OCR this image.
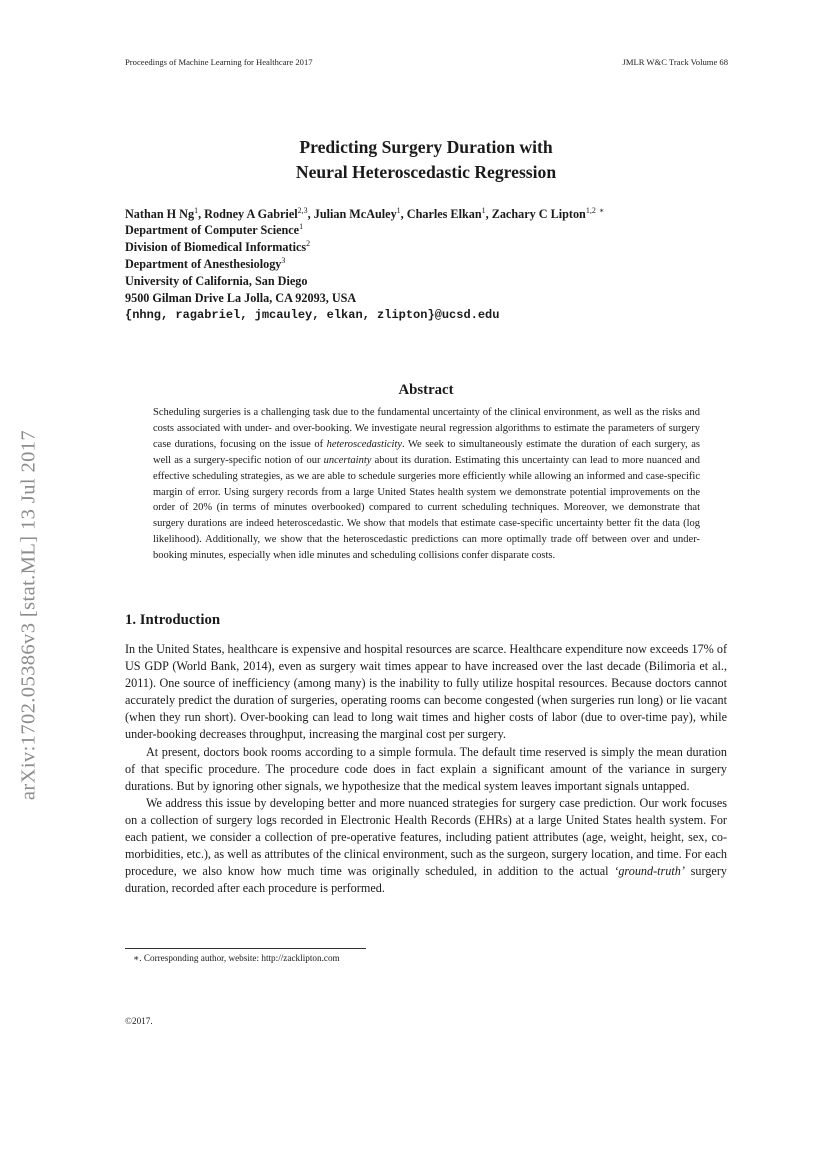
Proceedings of Machine Learning for Healthcare 2017	JMLR W&C Track Volume 68
Predicting Surgery Duration with
Neural Heteroscedastic Regression
Nathan H Ng$^1$, Rodney A Gabriel$^{2,3}$, Julian McAuley$^1$, Charles Elkan$^1$, Zachary C Lipton$^{1,2}$ ∗
Department of Computer Science$^1$
Division of Biomedical Informatics$^2$
Department of Anesthesiology$^3$
University of California, San Diego
9500 Gilman Drive La Jolla, CA 92093, USA
{nhng, ragabriel, jmcauley, elkan, zlipton}@ucsd.edu
arXiv:1702.05386v3 [stat.ML] 13 Jul 2017
Abstract

Scheduling surgeries is a challenging task due to the fundamental uncertainty of the clinical environment, as well as the risks and costs associated with under- and over-booking. We investigate neural regression algorithms to estimate the parameters of surgery case durations, focusing on the issue of heteroscedasticity. We seek to simultaneously estimate the duration of each surgery, as well as a surgery-specific notion of our uncertainty about its duration. Estimating this uncertainty can lead to more nuanced and effective scheduling strategies, as we are able to schedule surgeries more efficiently while allowing an informed and case-specific margin of error. Using surgery records from a large United States health system we demonstrate potential improvements on the order of 20% (in terms of minutes overbooked) compared to current scheduling techniques. Moreover, we demonstrate that surgery durations are indeed heteroscedastic. We show that models that estimate case-specific uncertainty better fit the data (log likelihood). Additionally, we show that the heteroscedastic predictions can more optimally trade off between over and under-booking minutes, especially when idle minutes and scheduling collisions confer disparate costs.

1. Introduction

In the United States, healthcare is expensive and hospital resources are scarce. Healthcare expenditure now exceeds 17% of US GDP (World Bank, 2014), even as surgery wait times appear to have increased over the last decade (Bilimoria et al., 2011). One source of inefficiency (among many) is the inability to fully utilize hospital resources. Because doctors cannot accurately predict the duration of surgeries, operating rooms can become congested (when surgeries run long) or lie vacant (when they run short). Over-booking can lead to long wait times and higher costs of labor (due to over-time pay), while under-booking decreases throughput, increasing the marginal cost per surgery.

At present, doctors book rooms according to a simple formula. The default time reserved is simply the mean duration of that specific procedure. The procedure code does in fact explain a significant amount of the variance in surgery durations. But by ignoring other signals, we hypothesize that the medical system leaves important signals untapped.

We address this issue by developing better and more nuanced strategies for surgery case prediction. Our work focuses on a collection of surgery logs recorded in Electronic Health Records (EHRs) at a large United States health system. For each patient, we consider a collection of pre-operative features, including patient attributes (age, weight, height, sex, co-morbidities, etc.), as well as attributes of the clinical environment, such as the surgeon, surgery location, and time. For each procedure, we also know how much time was originally scheduled, in addition to the actual ‘ground-truth’ surgery duration, recorded after each procedure is performed.

∗. Corresponding author, website: http://zacklipton.com
©2017.
